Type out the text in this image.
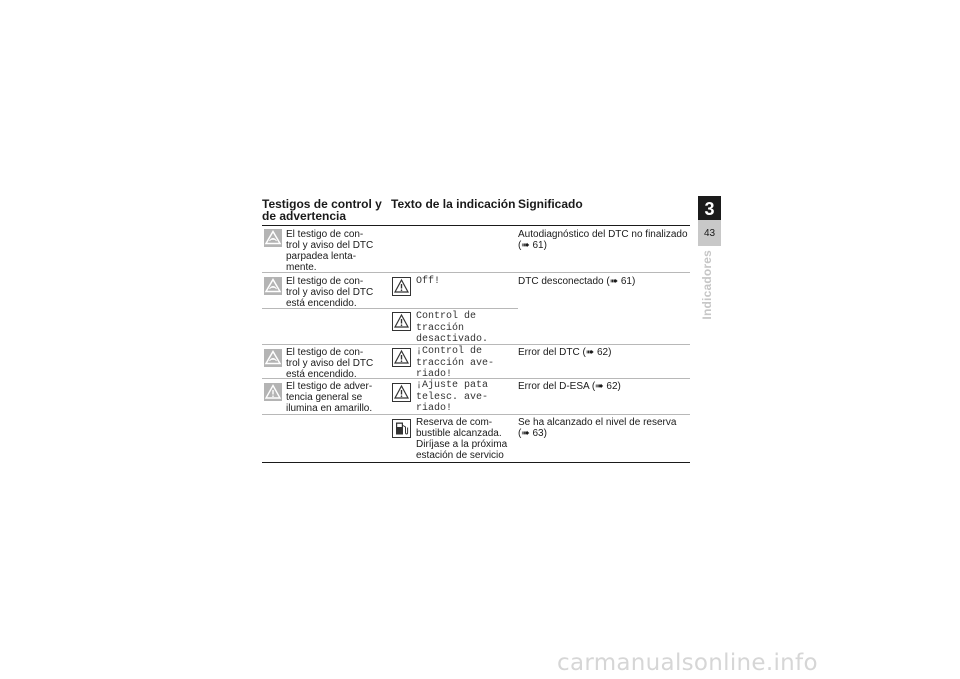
Testigos de control y
de advertencia
Texto de la indicación Significado
El testigo de con-
trol y aviso del DTC
parpadea lenta-
mente.
Autodiagnóstico del DTC no finalizado
(➠ 61)
El testigo de con-
trol y aviso del DTC
está encendido.
Off!	DTC desconectado (➠ 61)
Control de
tracción
desactivado.
El testigo de con-
trol y aviso del DTC
está encendido.
¡Control de
tracción ave-
riado!
Error del DTC (➠ 62)
El testigo de adver-
tencia general se
ilumina en amarillo.
¡Ajuste pata
telesc. ave-
riado!
Error del D-ESA (➠ 62)
Reserva de com-
bustible alcanzada.
Diríjase a la próxima
estación de servicio
Se ha alcanzado el nivel de reserva
(➠ 63)
3
43
Indicadores
carmanualsonline.info
